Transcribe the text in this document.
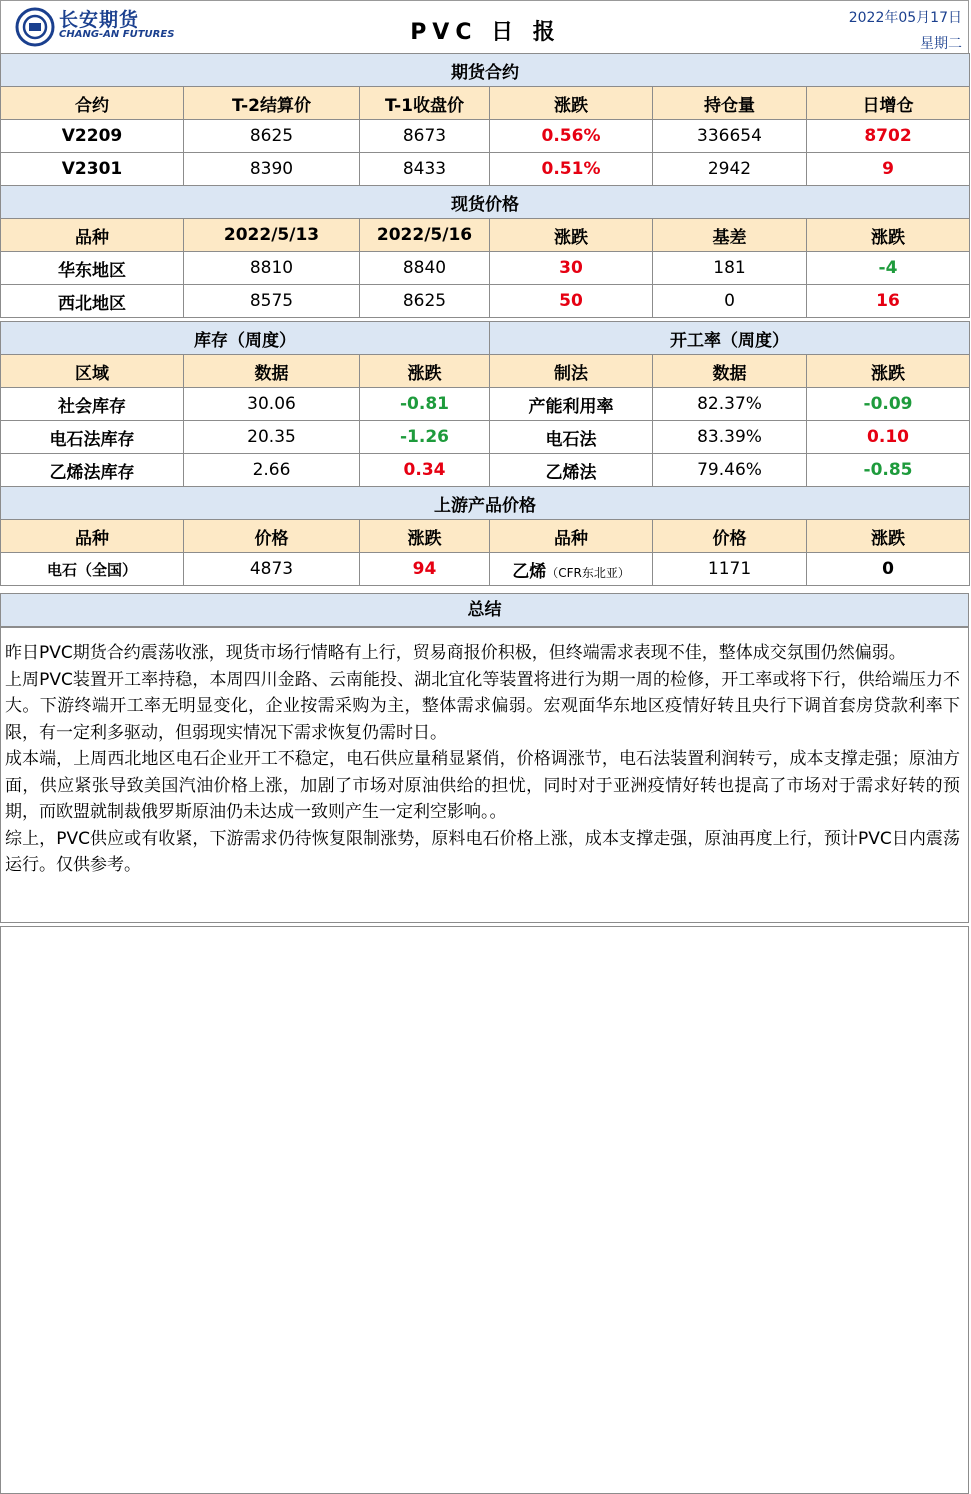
长安期货
CHANG-AN FUTURES	PVC 日 报
2022年05月17日
星期二
期货合约					
合约	T-2结算价	T-1收盘价	涨跌	持仓量	日增仓
V2209	8625	8673	0.56%	336654	8702
V2301	8390	8433	0.51%	2942	9
现货价格					
品种	2022/5/13	2022/5/16	涨跌	基差	涨跌
华东地区	8810	8840	30	181	-4
西北地区	8575	8625	50	0	16
库存（周度）			开工率（周度）		
区域	数据	涨跌	制法	数据	涨跌
社会库存	30.06	-0.81	产能利用率	82.37%	-0.09
电石法库存	20.35	-1.26	电石法	83.39%	0.10
乙烯法库存	2.66	0.34	乙烯法	79.46%	-0.85
上游产品价格					
品种	价格	涨跌	品种	价格	涨跌
电石（全国）	4873	94	乙烯（CFR东北亚）	1171	0
总结

昨日PVC期货合约震荡收涨，现货市场行情略有上行，贸易商报价积极，但终端需求表现不佳，整体成交氛围仍然偏弱。

上周PVC装置开工率持稳，本周四川金路、云南能投、湖北宜化等装置将进行为期一周的检修，开工率或将下行，供给端压力不大。下游终端开工率无明显变化，企业按需采购为主，整体需求偏弱。宏观面华东地区疫情好转且央行下调首套房贷款利率下限，有一定利多驱动，但弱现实情况下需求恢复仍需时日。

成本端，上周西北地区电石企业开工不稳定，电石供应量稍显紧俏，价格调涨节，电石法装置利润转亏，成本支撑走强；原油方面，供应紧张导致美国汽油价格上涨，加剧了市场对原油供给的担忧，同时对于亚洲疫情好转也提高了市场对于需求好转的预期，而欧盟就制裁俄罗斯原油仍未达成一致则产生一定利空影响。。

综上，PVC供应或有收紧，下游需求仍待恢复限制涨势，原料电石价格上涨，成本支撑走强，原油再度上行，预计PVC日内震荡运行。仅供参考。
